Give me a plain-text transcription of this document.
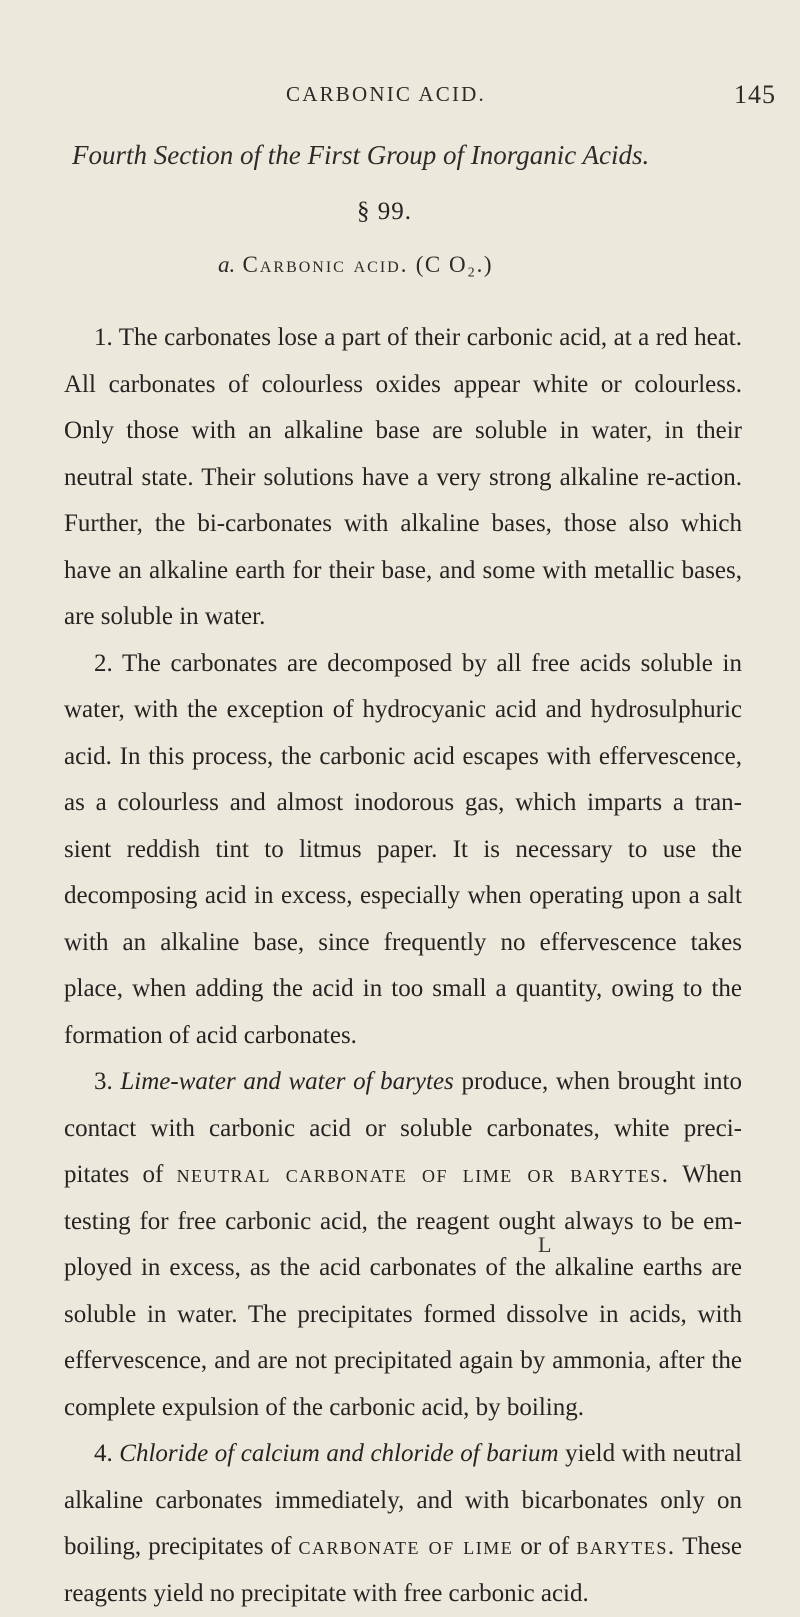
CARBONIC ACID.	145
Fourth Section of the First Group of Inorganic Acids.
§ 99.
a. Carbonic acid. (C O₂.)

1. The carbonates lose a part of their carbonic acid, at a red heat. All carbonates of colourless oxides appear white or colourless. Only those with an alkaline base are soluble in water, in their neutral state. Their solutions have a very strong alkaline re-action. Further, the bi-carbonates with alkaline bases, those also which have an alkaline earth for their base, and some with metallic bases, are soluble in water.

2. The carbonates are decomposed by all free acids soluble in water, with the exception of hydrocyanic acid and hydrosulphuric acid. In this process, the carbonic acid escapes with effervescence, as a colourless and almost inodorous gas, which imparts a tran-sient reddish tint to litmus paper. It is necessary to use the decomposing acid in excess, especially when operating upon a salt with an alkaline base, since frequently no effervescence takes place, when adding the acid in too small a quantity, owing to the formation of acid carbonates.

3. Lime-water and water of barytes produce, when brought into contact with carbonic acid or soluble carbonates, white preci-pitates of neutral carbonate of lime or barytes. When testing for free carbonic acid, the reagent ought always to be em-ployed in excess, as the acid carbonates of the alkaline earths are soluble in water. The precipitates formed dissolve in acids, with effervescence, and are not precipitated again by ammonia, after the complete expulsion of the carbonic acid, by boiling.

4. Chloride of calcium and chloride of barium yield with neutral alkaline carbonates immediately, and with bicarbonates only on boiling, precipitates of carbonate of lime or of barytes. These reagents yield no precipitate with free carbonic acid.

L
